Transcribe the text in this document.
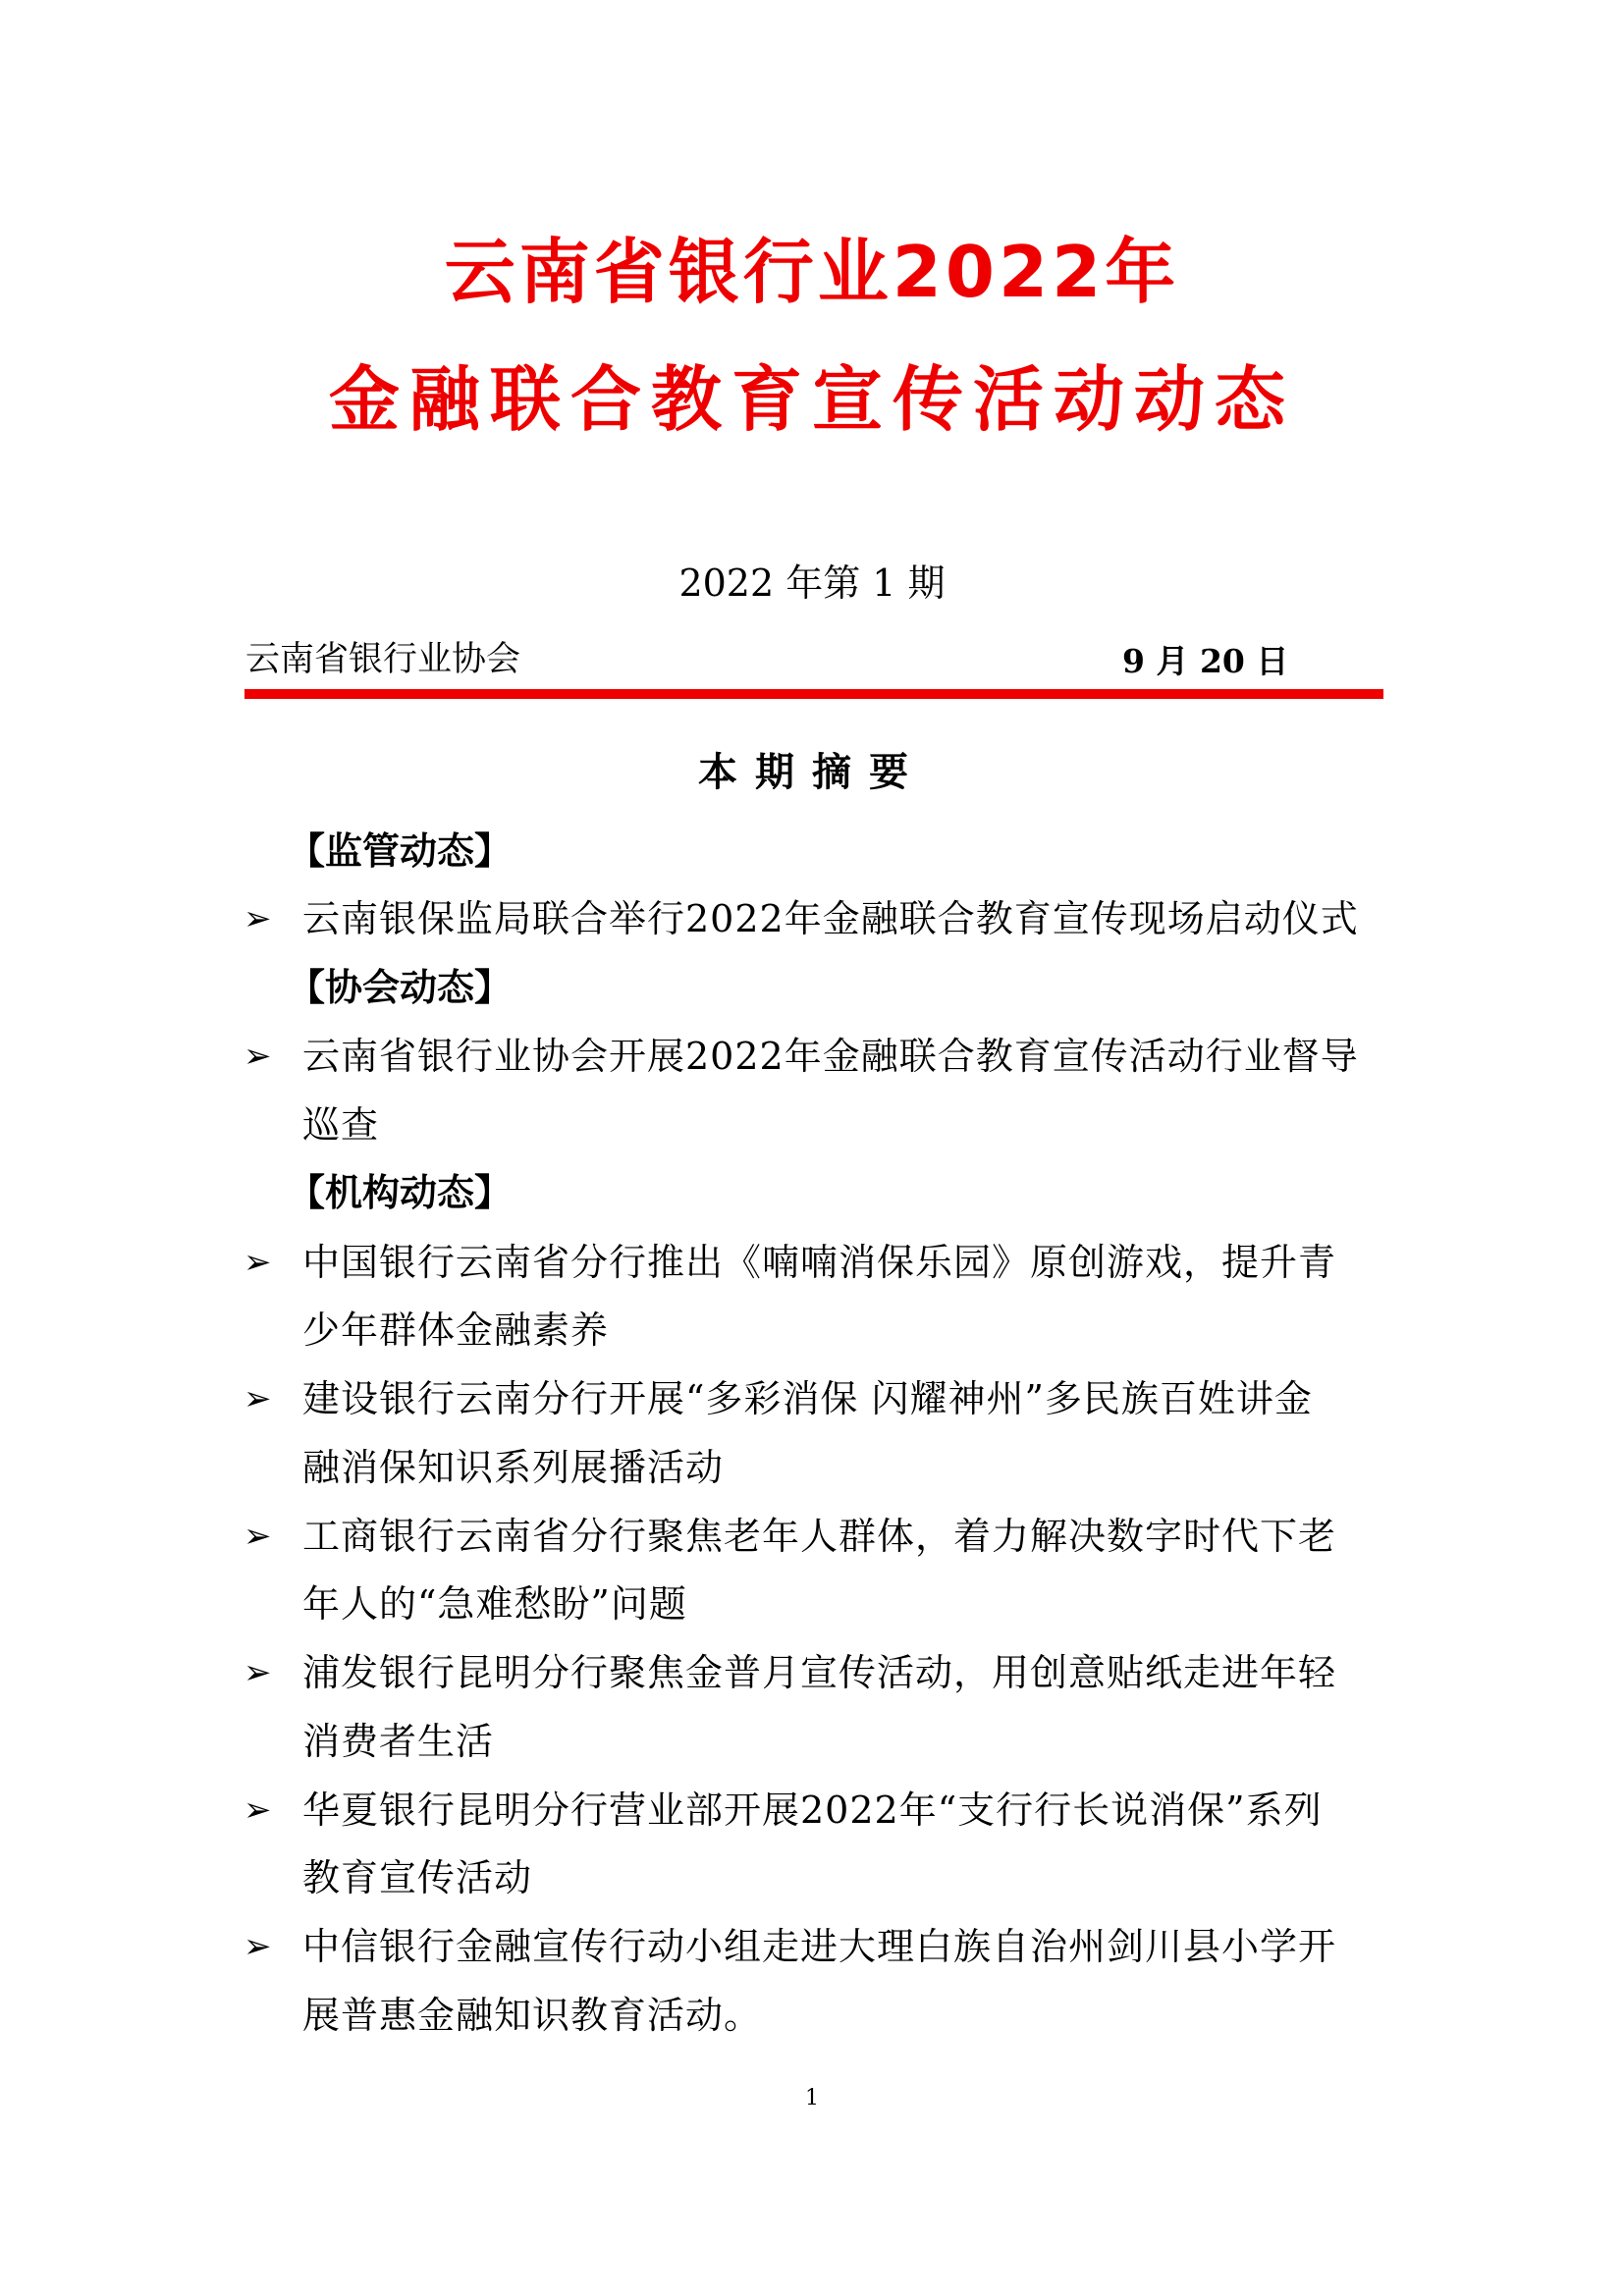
云南省银行业2022年
金融联合教育宣传活动动态
2022 年第 1 期
云南省银行业协会	9 月 20 日
本期摘要
【监管动态】
➢ 云南银保监局联合举行2022年金融联合教育宣传现场启动仪式
【协会动态】
➢ 云南省银行业协会开展2022年金融联合教育宣传活动行业督导
巡查
【机构动态】
➢ 中国银行云南省分行推出《喃喃消保乐园》原创游戏，提升青
少年群体金融素养
➢ 建设银行云南分行开展“多彩消保 闪耀神州”多民族百姓讲金
融消保知识系列展播活动
➢ 工商银行云南省分行聚焦老年人群体，着力解决数字时代下老
年人的“急难愁盼”问题
➢ 浦发银行昆明分行聚焦金普月宣传活动，用创意贴纸走进年轻
消费者生活
➢ 华夏银行昆明分行营业部开展2022年“支行行长说消保”系列
教育宣传活动
➢ 中信银行金融宣传行动小组走进大理白族自治州剑川县小学开
展普惠金融知识教育活动。
1
